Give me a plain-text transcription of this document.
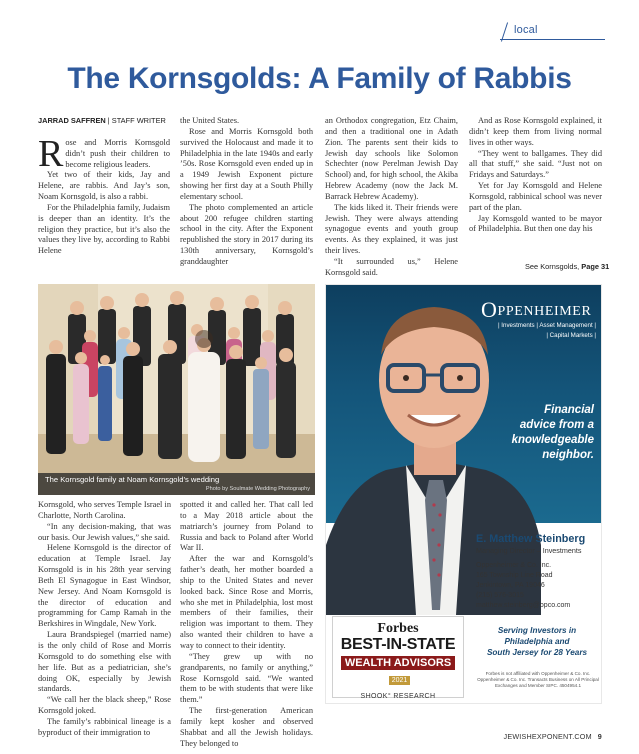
local
The Kornsgolds: A Family of Rabbis

JARRAD SAFFREN | STAFF WRITER

Rose and Morris Kornsgold didn’t push their children to become religious leaders.

Yet two of their kids, Jay and Helene, are rabbis. And Jay’s son, Noam Kornsgold, is also a rabbi.

For the Philadelphia family, Judaism is deeper than an identity. It’s the religion they practice, but it’s also the values they live by, according to Rabbi Helene

the United States.

Rose and Morris Kornsgold both survived the Holocaust and made it to Philadelphia in the late 1940s and early ’50s. Rose Kornsgold even ended up in a 1949 Jewish Exponent picture showing her first day at a South Philly elementary school.

The photo complemented an article about 200 refugee children starting school in the city. After the Exponent republished the story in 2017 during its 130th anniversary, Kornsgold’s granddaughter

an Orthodox congregation, Etz Chaim, and then a traditional one in Adath Zion. The parents sent their kids to Jewish day schools like Solomon Schechter (now Perelman Jewish Day School) and, for high school, the Akiba Hebrew Academy (now the Jack M. Barrack Hebrew Academy).

The kids liked it. Their friends were Jewish. They were always attending synagogue events and youth group events. As they explained, it was just their lives.

“It surrounded us,” Helene Kornsgold said.

And as Rose Kornsgold explained, it didn’t keep them from living normal lives in other ways.

“They went to ballgames. They did all that stuff,” she said. “Just not on Fridays and Saturdays.”

Yet for Jay Kornsgold and Helene Kornsgold, rabbinical school was never part of the plan.

Jay Kornsgold wanted to be mayor of Philadelphia. But then one day his

See Kornsgolds, Page 31
The Kornsgold family at Noam Kornsgold’s wedding
Photo by Soulmate Wedding Photography

Kornsgold, who serves Temple Israel in Charlotte, North Carolina.

“In any decision-making, that was our basis. Our Jewish values,” she said.

Helene Kornsgold is the director of education at Temple Israel. Jay Kornsgold is in his 28th year serving Beth El Synagogue in East Windsor, New Jersey. And Noam Kornsgold is the director of education and programming for Camp Ramah in the Berkshires in Wingdale, New York.

Laura Brandspiegel (married name) is the only child of Rose and Morris Kornsgold to do something else with her life. But as a pediatrician, she’s doing OK, especially by Jewish standards.

“We call her the black sheep,” Rose Kornsgold joked.

The family’s rabbinical lineage is a byproduct of their immigration to

spotted it and called her. That call led to a May 2018 article about the matriarch’s journey from Poland to Russia and back to Poland after World War II.

After the war and Kornsgold’s father’s death, her mother boarded a ship to the United States and never looked back. Since Rose and Morris, who she met in Philadelphia, lost most members of their families, their religion was important to them. They also wanted their children to have a way to connect to their identity.

“They grew up with no grandparents, no family or anything,” Rose Kornsgold said. “We wanted them to be with students that were like them.”

The first-generation American family kept kosher and observed Shabbat and all the Jewish holidays. They belonged to

OPPENHEIMER
| Investments | Asset Management |
| Capital Markets |
Financial
advice from a
knowledgeable
neighbor.
E. Matthew Steinberg
Managing Director – Investments
Oppenheimer & Co. Inc.
165 Township Line Road
Jenkintown, PA 19046
(215) 576-3015
matthew.steinberg@opco.com
Forbes
BEST-IN-STATE
WEALTH ADVISORS2021
SHOOK° RESEARCH
Serving Investors in
Philadelphia and
South Jersey for 28 Years
Forbes is not affiliated with Oppenheimer & Co. Inc. Oppenheimer & Co. Inc. Transacts Business on All Principal Exchanges and Member SIPC. 4504954.1
JEWISHEXPONENT.COM 9
